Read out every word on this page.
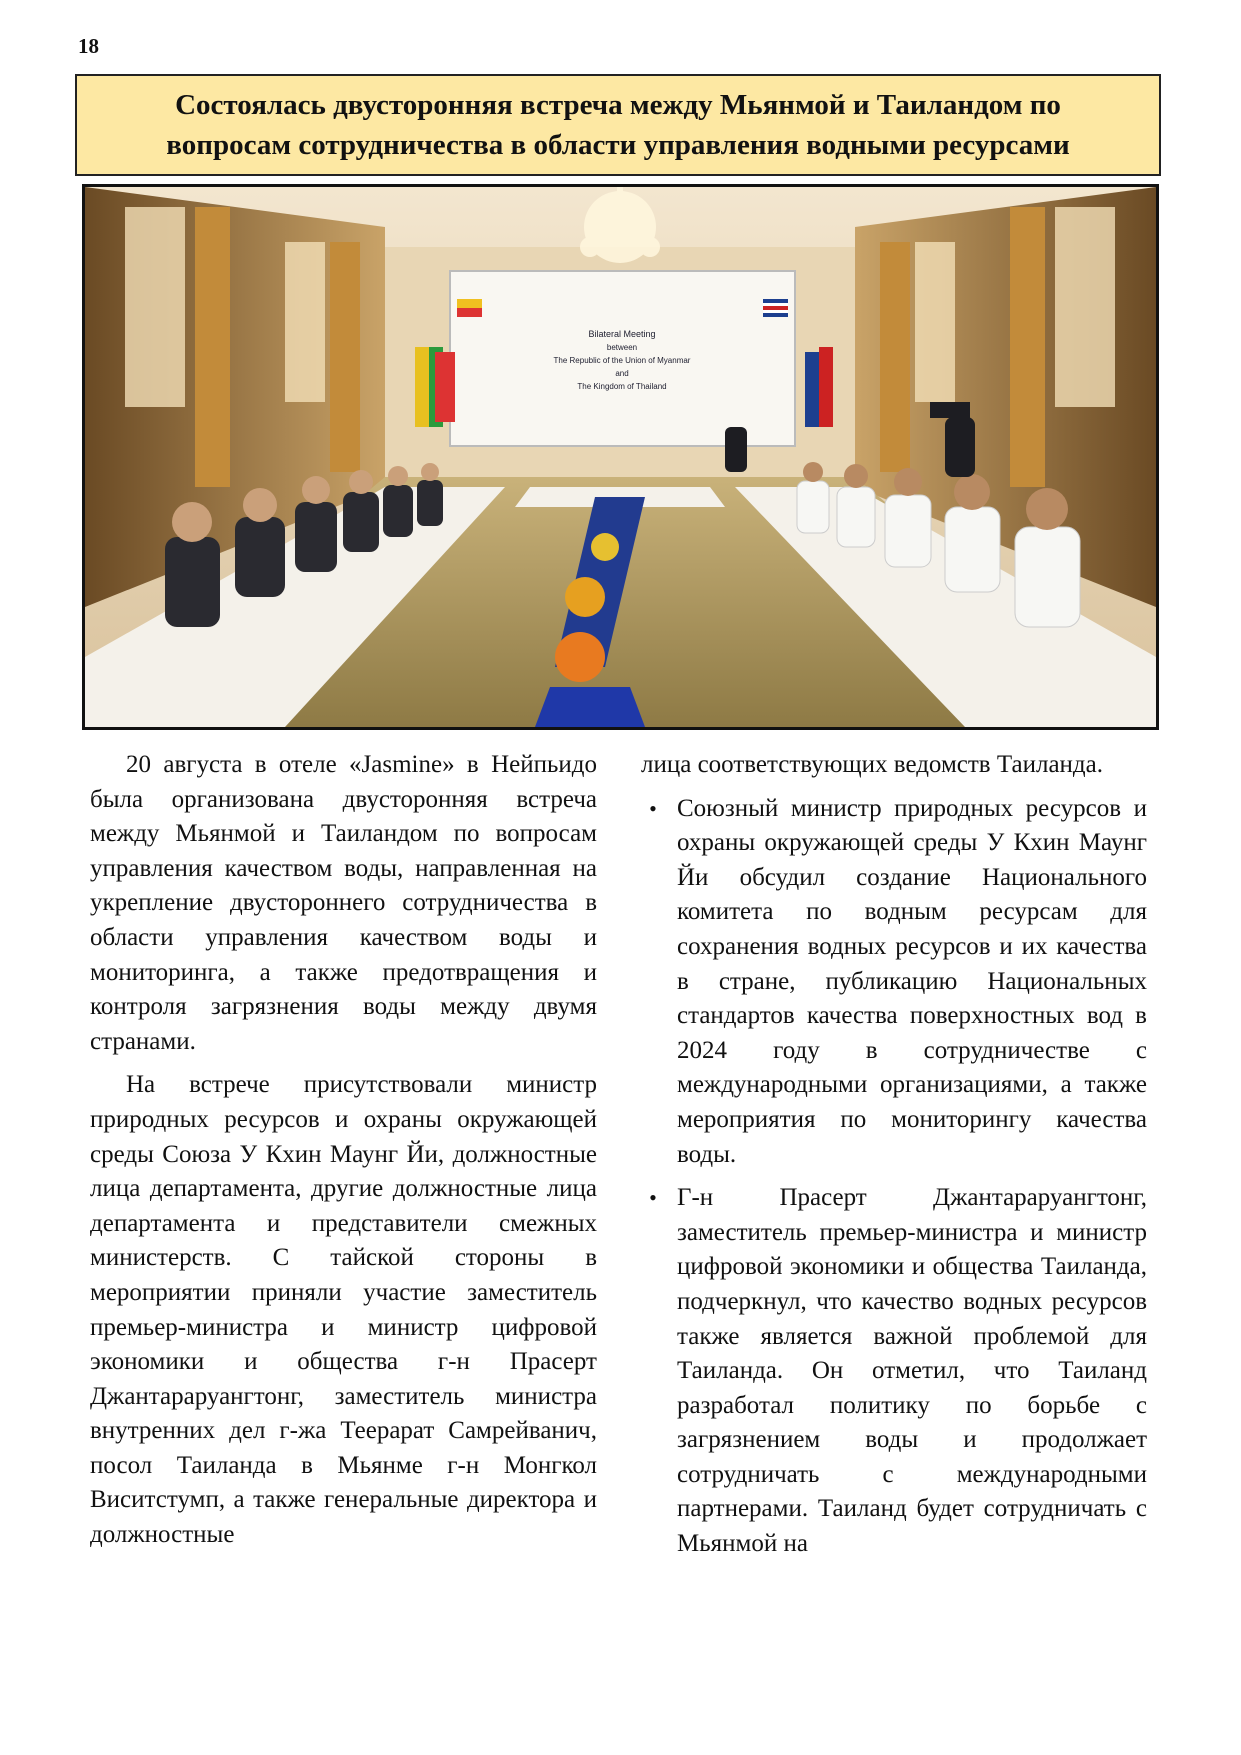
18
Состоялась двусторонняя встреча между Мьянмой и Таиландом по
вопросам сотрудничества в области управления водными ресурсами
Bilateral Meeting
between
The Republic of the Union of Myanmar
and
The Kingdom of Thailand

20 августа в отеле «Jasmine» в Нейпьидо была организована двусторонняя встреча между Мьянмой и Таиландом по вопросам управления качеством воды, направленная на укрепление двустороннего сотрудничества в области управления качеством воды и мониторинга, а также предотвращения и контроля загрязнения воды между двумя странами.

На встрече присутствовали министр природных ресурсов и охраны окружающей среды Союза У Кхин Маунг Йи, должностные лица департамента, другие должностные лица департамента и представители смежных министерств. С тайской стороны в мероприятии приняли участие заместитель премьер-министра и министр цифровой экономики и общества г-н Прасерт Джантараруангтонг, заместитель министра внутренних дел г-жа Теерарат Самрейванич, посол Таиланда в Мьянме г-н Монгкол Виситстумп, а также генеральные директора и должностные

лица соответствующих ведомств Таиланда.

• Союзный министр природных ресурсов и охраны окружающей среды У Кхин Маунг Йи обсудил создание Национального комитета по водным ресурсам для сохранения водных ресурсов и их качества в стране, публикацию Национальных стандартов качества поверхностных вод в 2024 году в сотрудничестве с международными организациями, а также мероприятия по мониторингу качества воды.
• Г-н Прасерт Джантараруангтонг, заместитель премьер-министра и министр цифровой экономики и общества Таиланда, подчеркнул, что качество водных ресурсов также является важной проблемой для Таиланда. Он отметил, что Таиланд разработал политику по борьбе с загрязнением воды и продолжает сотрудничать с международными партнерами. Таиланд будет сотрудничать с Мьянмой на
